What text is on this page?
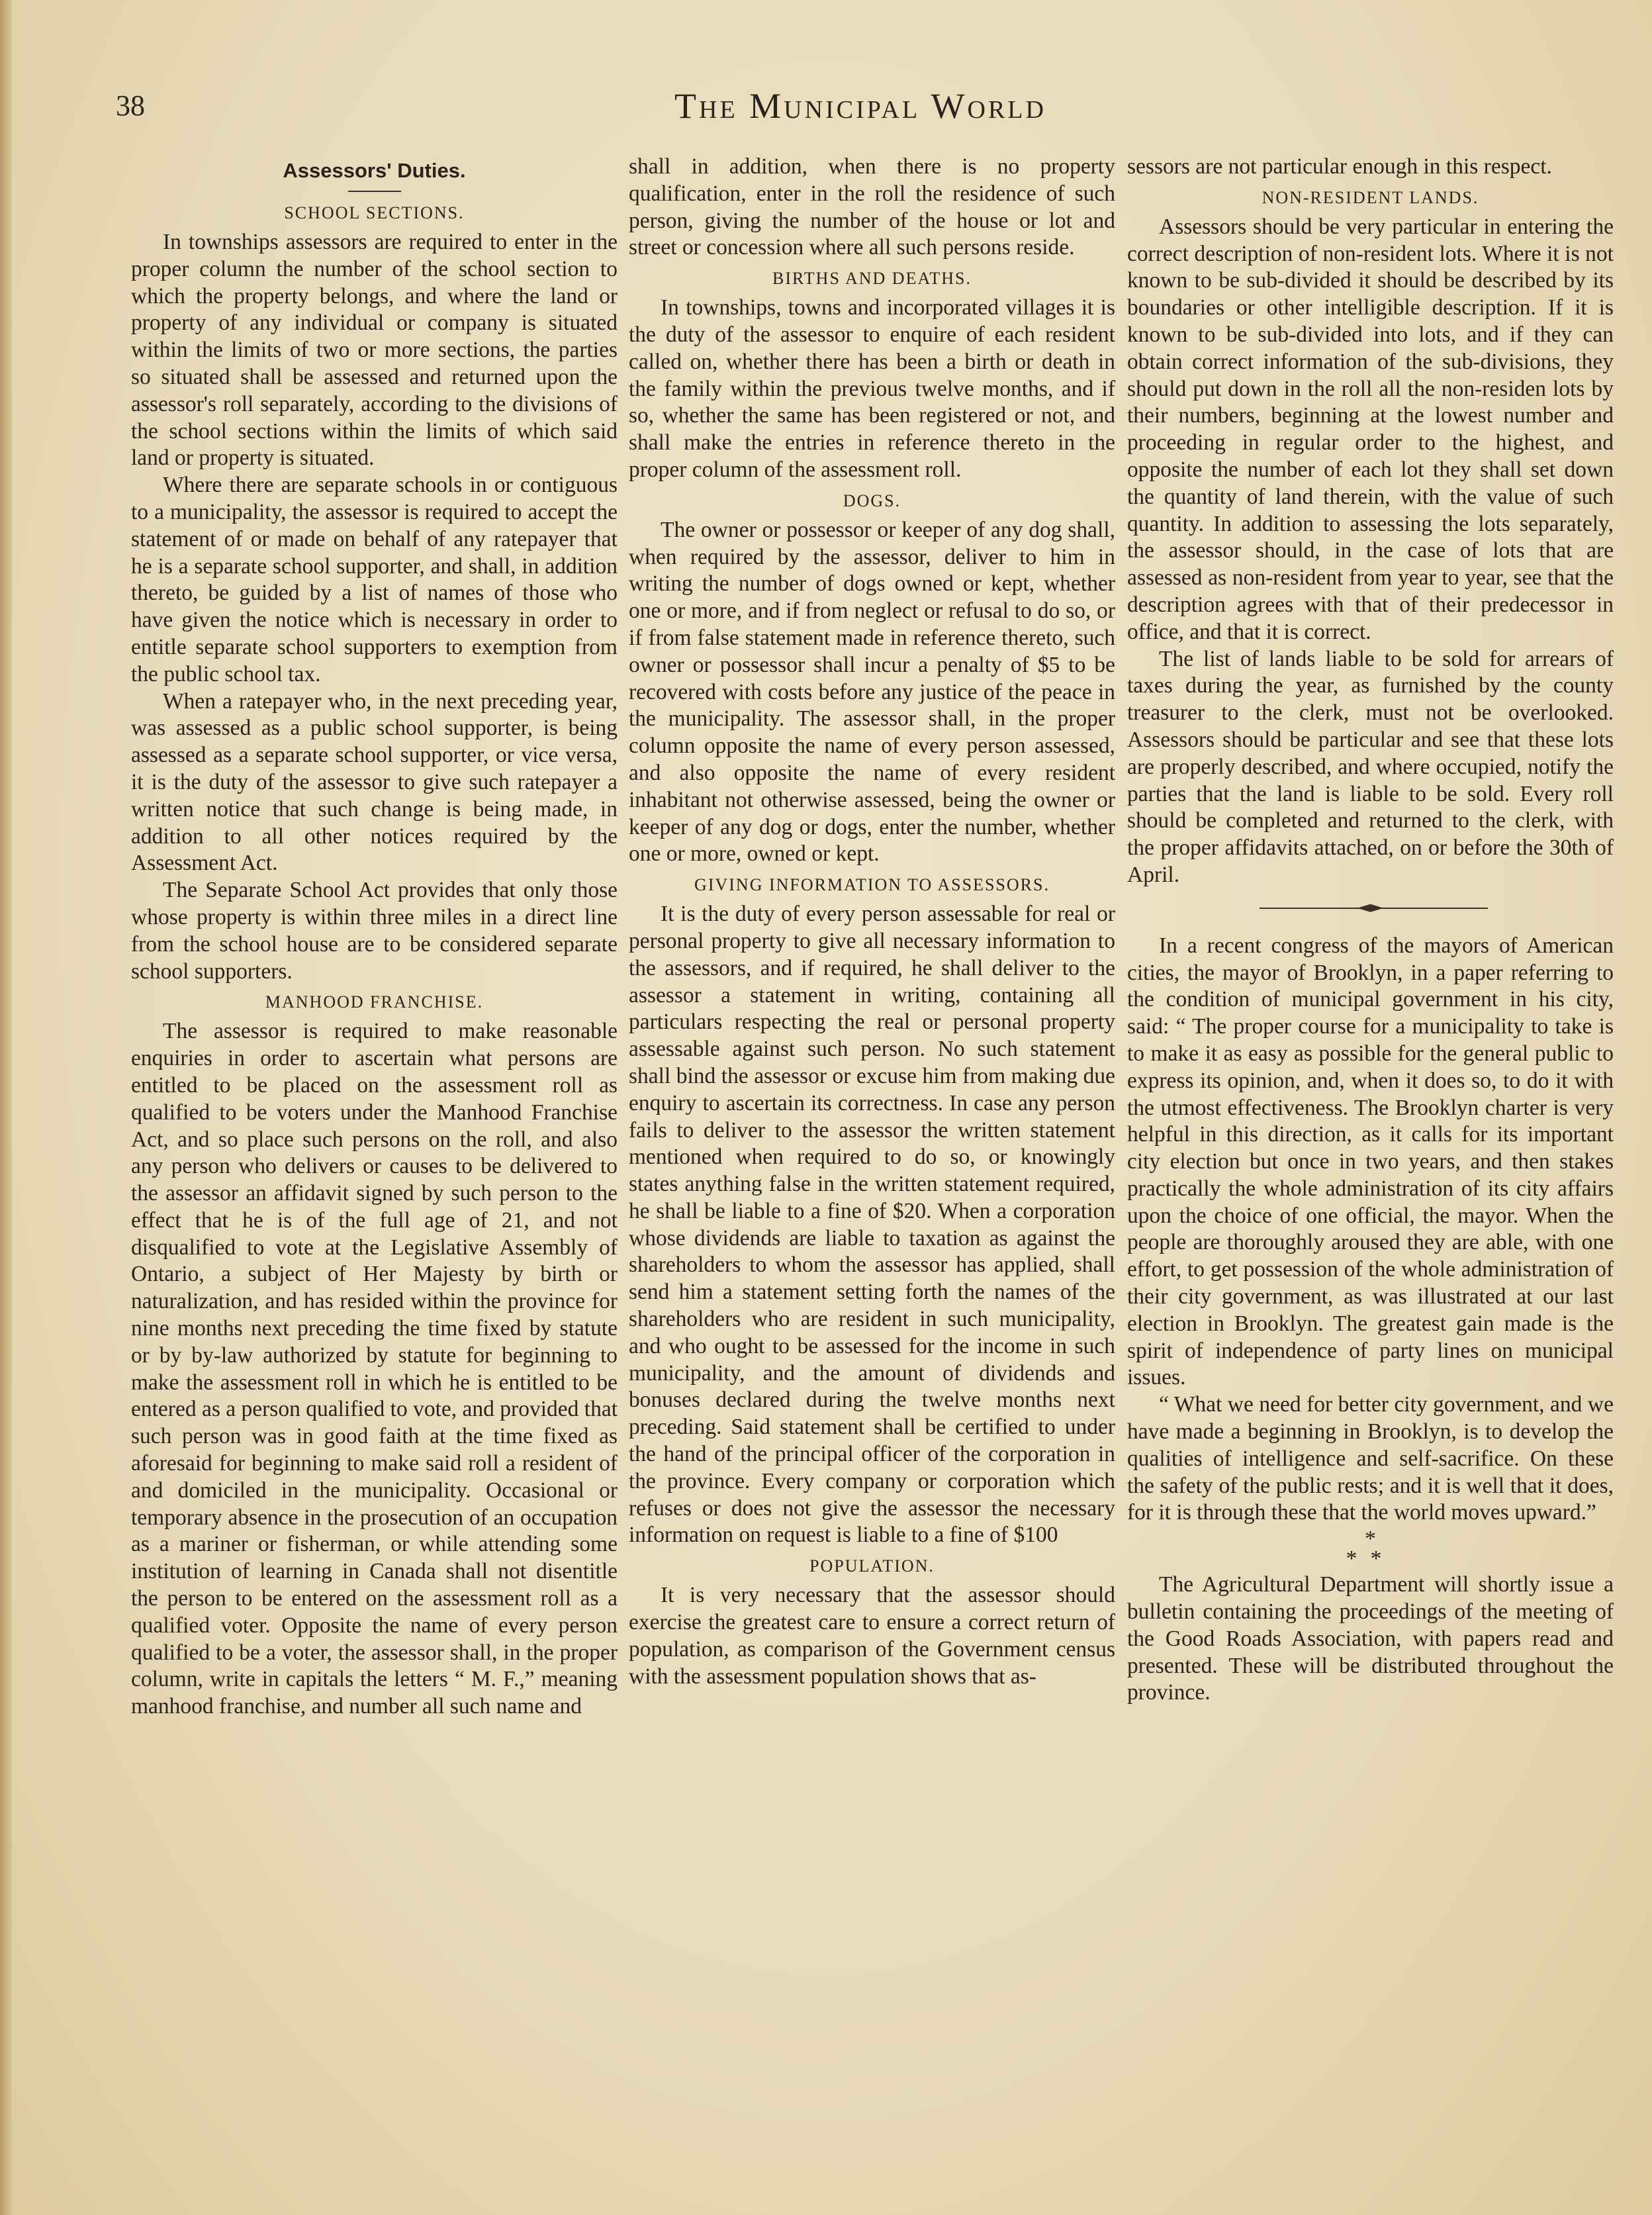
38	The Municipal World
Assessors' Duties.
SCHOOL SECTIONS.

In townships assessors are required to enter in the proper column the number of the school section to which the property belongs, and where the land or property of any individual or company is situated within the limits of two or more sections, the parties so situated shall be assessed and returned upon the assessor's roll separately, according to the divisions of the school sections within the limits of which said land or property is situated.

Where there are separate schools in or contiguous to a municipality, the assessor is required to accept the statement of or made on behalf of any ratepayer that he is a separate school supporter, and shall, in addition thereto, be guided by a list of names of those who have given the notice which is necessary in order to entitle separate school supporters to exemption from the public school tax.

When a ratepayer who, in the next preceding year, was assessed as a public school supporter, is being assessed as a separate school supporter, or vice versa, it is the duty of the assessor to give such ratepayer a written notice that such change is being made, in addition to all other notices required by the Assessment Act.

The Separate School Act provides that only those whose property is within three miles in a direct line from the school house are to be considered separate school supporters.

MANHOOD FRANCHISE.

The assessor is required to make reasonable enquiries in order to ascertain what persons are entitled to be placed on the assessment roll as qualified to be voters under the Manhood Franchise Act, and so place such persons on the roll, and also any person who delivers or causes to be delivered to the assessor an affidavit signed by such person to the effect that he is of the full age of 21, and not disqualified to vote at the Legislative Assembly of Ontario, a subject of Her Majesty by birth or naturalization, and has resided within the province for nine months next preceding the time fixed by statute or by by-law authorized by statute for beginning to make the assessment roll in which he is entitled to be entered as a person qualified to vote, and provided that such person was in good faith at the time fixed as aforesaid for beginning to make said roll a resident of and domiciled in the municipality. Occasional or temporary absence in the prosecution of an occupation as a mariner or fisherman, or while attending some institution of learning in Canada shall not disentitle the person to be entered on the assessment roll as a qualified voter. Opposite the name of every person qualified to be a voter, the assessor shall, in the proper column, write in capitals the letters “ M. F.,” meaning manhood franchise, and number all such name and

shall in addition, when there is no property qualification, enter in the roll the residence of such person, giving the number of the house or lot and street or concession where all such persons reside.

BIRTHS AND DEATHS.

In townships, towns and incorporated villages it is the duty of the assessor to enquire of each resident called on, whether there has been a birth or death in the family within the previous twelve months, and if so, whether the same has been registered or not, and shall make the entries in reference thereto in the proper column of the assessment roll.

DOGS.

The owner or possessor or keeper of any dog shall, when required by the assessor, deliver to him in writing the number of dogs owned or kept, whether one or more, and if from neglect or refusal to do so, or if from false statement made in reference thereto, such owner or possessor shall incur a penalty of $5 to be recovered with costs before any justice of the peace in the municipality. The assessor shall, in the proper column opposite the name of every person assessed, and also opposite the name of every resident inhabitant not otherwise assessed, being the owner or keeper of any dog or dogs, enter the number, whether one or more, owned or kept.

GIVING INFORMATION TO ASSESSORS.

It is the duty of every person assessable for real or personal property to give all necessary information to the assessors, and if required, he shall deliver to the assessor a statement in writing, containing all particulars respecting the real or personal property assessable against such person. No such statement shall bind the assessor or excuse him from making due enquiry to ascertain its correctness. In case any person fails to deliver to the assessor the written statement mentioned when required to do so, or knowingly states anything false in the written statement required, he shall be liable to a fine of $20. When a corporation whose dividends are liable to taxation as against the shareholders to whom the assessor has applied, shall send him a statement setting forth the names of the shareholders who are resident in such municipality, and who ought to be assessed for the income in such municipality, and the amount of dividends and bonuses declared during the twelve months next preceding. Said statement shall be certified to under the hand of the principal officer of the corporation in the province. Every company or corporation which refuses or does not give the assessor the necessary information on request is liable to a fine of $100

POPULATION.

It is very necessary that the assessor should exercise the greatest care to ensure a correct return of population, as comparison of the Government census with the assessment population shows that as-

sessors are not particular enough in this respect.

NON-RESIDENT LANDS.

Assessors should be very particular in entering the correct description of non-resident lots. Where it is not known to be sub-divided it should be described by its boundaries or other intelligible description. If it is known to be sub-divided into lots, and if they can obtain correct information of the sub-divisions, they should put down in the roll all the non-residen lots by their numbers, beginning at the lowest number and proceeding in regular order to the highest, and opposite the number of each lot they shall set down the quantity of land therein, with the value of such quantity. In addition to assessing the lots separately, the assessor should, in the case of lots that are assessed as non-resident from year to year, see that the description agrees with that of their predecessor in office, and that it is correct.

The list of lands liable to be sold for arrears of taxes during the year, as furnished by the county treasurer to the clerk, must not be overlooked. Assessors should be particular and see that these lots are properly described, and where occupied, notify the parties that the land is liable to be sold. Every roll should be completed and returned to the clerk, with the proper affidavits attached, on or before the 30th of April.

In a recent congress of the mayors of American cities, the mayor of Brooklyn, in a paper referring to the condition of municipal government in his city, said: “ The proper course for a municipality to take is to make it as easy as possible for the general public to express its opinion, and, when it does so, to do it with the utmost effectiveness. The Brooklyn charter is very helpful in this direction, as it calls for its important city election but once in two years, and then stakes practically the whole administration of its city affairs upon the choice of one official, the mayor. When the people are thoroughly aroused they are able, with one effort, to get possession of the whole administration of their city government, as was illustrated at our last election in Brooklyn. The greatest gain made is the spirit of independence of party lines on municipal issues.

“ What we need for better city government, and we have made a beginning in Brooklyn, is to develop the qualities of intelligence and self-sacrifice. On these the safety of the public rests; and it is well that it does, for it is through these that the world moves upward.”

*
**

The Agricultural Department will shortly issue a bulletin containing the proceedings of the meeting of the Good Roads Association, with papers read and presented. These will be distributed throughout the province.
